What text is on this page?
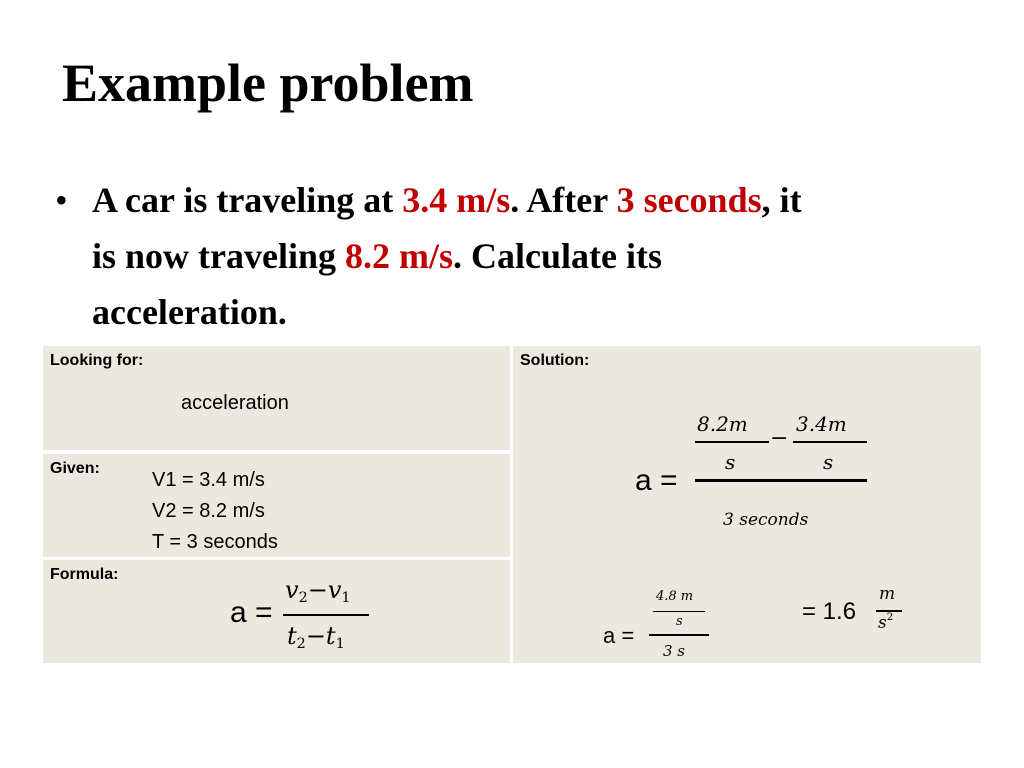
Example problem
• A car is traveling at 3.4 m/s. After 3 seconds, it is now traveling 8.2 m/s. Calculate its acceleration.
Looking for:
acceleration
Given:
V1 = 3.4 m/s
V2 = 8.2 m/s
T = 3 seconds
Formula:
a =
$v_2-v_1$
$t_2-t_1$
Solution:
a =
8.2m
s
−
3.4m
s
3 seconds
a =
4.8 m
s
3 s
= 1.6
m
$s^2$
